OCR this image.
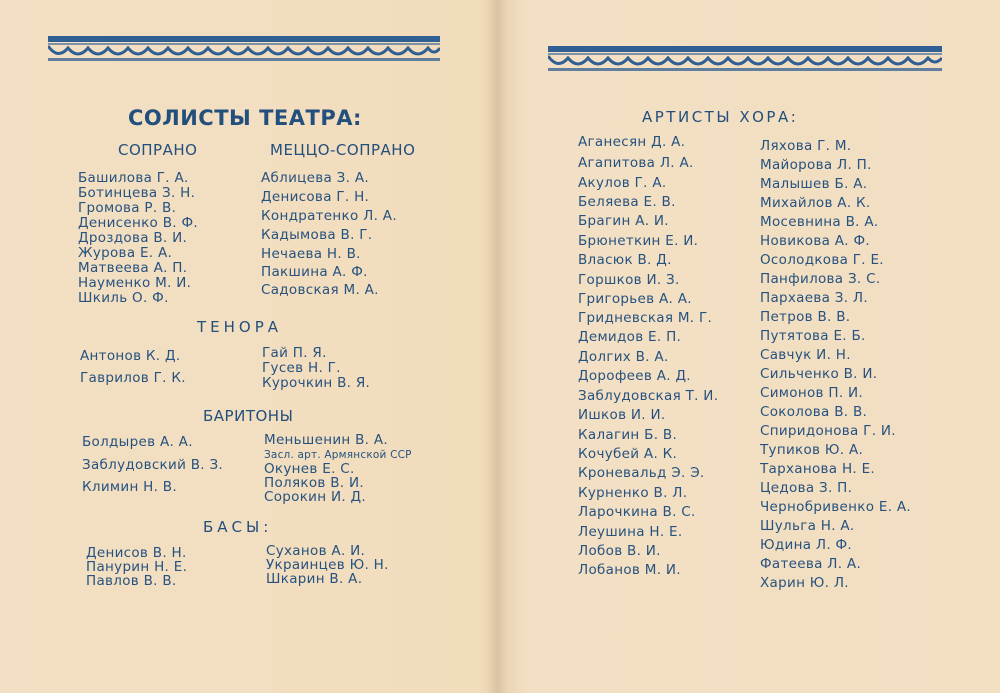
СОЛИСТЫ ТЕАТРА:
СОПРАНО	МЕЦЦО-СОПРАНО
Башилова Г. А.
Ботинцева З. Н.
Громова Р. В.
Денисенко В. Ф.
Дроздова В. И.
Журова Е. А.
Матвеева А. П.
Науменко М. И.
Шкиль О. Ф.
Аблицева З. А.
Денисова Г. Н.
Кондратенко Л. А.
Кадымова В. Г.
Нечаева Н. В.
Пакшина А. Ф.
Садовская М. А.
ТЕНОРА
Антонов К. Д.
Гаврилов Г. К.
Гай П. Я.
Гусев Н. Г.
Курочкин В. Я.
БАРИТОНЫ
Болдырев А. А.
Заблудовский В. З.
Климин Н. В.
Меньшенин В. А.
Засл. арт. Армянской ССР
Окунев Е. С.
Поляков В. И.
Сорокин И. Д.
БАСЫ:
Денисов В. Н.
Панурин Н. Е.
Павлов В. В.
Суханов А. И.
Украинцев Ю. Н.
Шкарин В. А.
АРТИСТЫ ХОРА:
Аганесян Д. А.
Агапитова Л. А.
Акулов Г. А.
Беляева Е. В.
Брагин А. И.
Брюнеткин Е. И.
Власюк В. Д.
Горшков И. З.
Григорьев А. А.
Гридневская М. Г.
Демидов Е. П.
Долгих В. А.
Дорофеев А. Д.
Заблудовская Т. И.
Ишков И. И.
Калагин Б. В.
Кочубей А. К.
Кроневальд Э. Э.
Курненко В. Л.
Ларочкина В. С.
Леушина Н. Е.
Лобов В. И.
Лобанов М. И.
Ляхова Г. М.
Майорова Л. П.
Малышев Б. А.
Михайлов А. К.
Мосевнина В. А.
Новикова А. Ф.
Осолодкова Г. Е.
Панфилова З. С.
Пархаева З. Л.
Петров В. В.
Путятова Е. Б.
Савчук И. Н.
Сильченко В. И.
Симонов П. И.
Соколова В. В.
Спиридонова Г. И.
Тупиков Ю. А.
Тарханова Н. Е.
Цедова З. П.
Чернобривенко Е. А.
Шульга Н. А.
Юдина Л. Ф.
Фатеева Л. А.
Харин Ю. Л.
